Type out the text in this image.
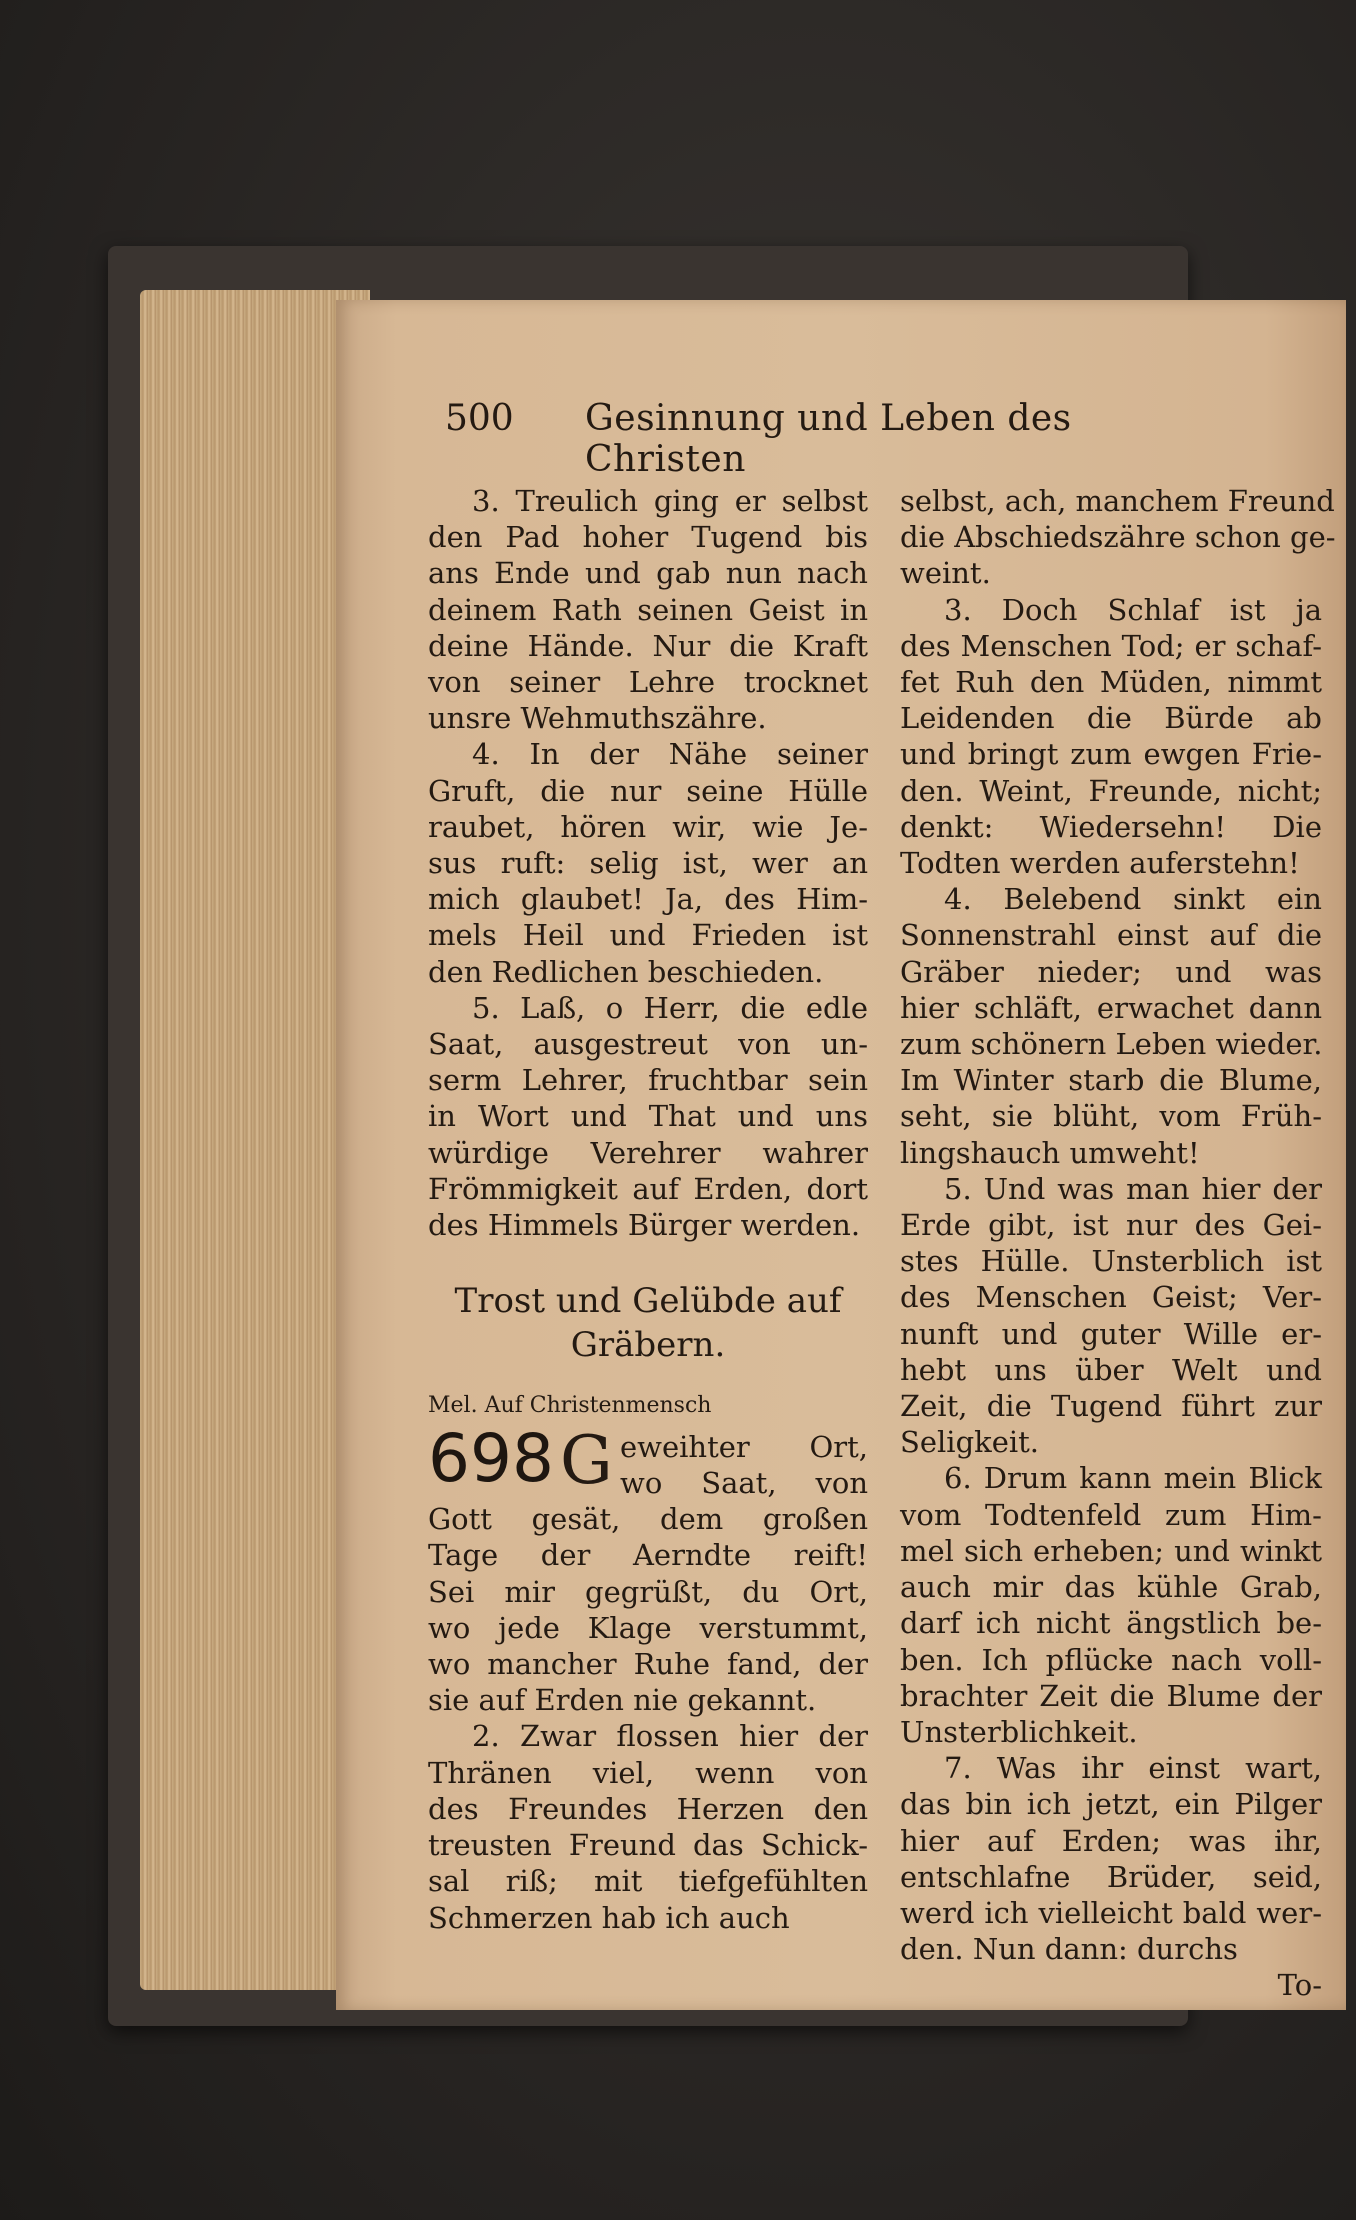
500 Gesinnung und Leben des Christen
3. Treulich ging er selbst
den Pad hoher Tugend bis
ans Ende und gab nun nach
deinem Rath seinen Geist in
deine Hände. Nur die Kraft
von seiner Lehre trocknet
unsre Wehmuthszähre.
4. In der Nähe seiner
Gruft, die nur seine Hülle
raubet, hören wir, wie Je-
sus ruft: selig ist, wer an
mich glaubet! Ja, des Him-
mels Heil und Frieden ist
den Redlichen beschieden.
5. Laß, o Herr, die edle
Saat, ausgestreut von un-
serm Lehrer, fruchtbar sein
in Wort und That und uns
würdige Verehrer wahrer
Frömmigkeit auf Erden, dort
des Himmels Bürger werden.
Trost und Gelübde auf
Gräbern.
Mel. Auf Christenmensch
698 G eweihter Ort,
wo Saat, von
Gott gesät, dem großen
Tage der Aerndte reift!
Sei mir gegrüßt, du Ort,
wo jede Klage verstummt,
wo mancher Ruhe fand, der
sie auf Erden nie gekannt.
2. Zwar flossen hier der
Thränen viel, wenn von
des Freundes Herzen den
treusten Freund das Schick-
sal riß; mit tiefgefühlten
Schmerzen hab ich auch
selbst, ach, manchem Freund
die Abschiedszähre schon ge-
weint.
3. Doch Schlaf ist ja
des Menschen Tod; er schaf-
fet Ruh den Müden, nimmt
Leidenden die Bürde ab
und bringt zum ewgen Frie-
den. Weint, Freunde, nicht;
denkt: Wiedersehn! Die
Todten werden auferstehn!
4. Belebend sinkt ein
Sonnenstrahl einst auf die
Gräber nieder; und was
hier schläft, erwachet dann
zum schönern Leben wieder.
Im Winter starb die Blume,
seht, sie blüht, vom Früh-
lingshauch umweht!
5. Und was man hier der
Erde gibt, ist nur des Gei-
stes Hülle. Unsterblich ist
des Menschen Geist; Ver-
nunft und guter Wille er-
hebt uns über Welt und
Zeit, die Tugend führt zur
Seligkeit.
6. Drum kann mein Blick
vom Todtenfeld zum Him-
mel sich erheben; und winkt
auch mir das kühle Grab,
darf ich nicht ängstlich be-
ben. Ich pflücke nach voll-
brachter Zeit die Blume der
Unsterblichkeit.
7. Was ihr einst wart,
das bin ich jetzt, ein Pilger
hier auf Erden; was ihr,
entschlafne Brüder, seid,
werd ich vielleicht bald wer-
den. Nun dann: durchs
To-
